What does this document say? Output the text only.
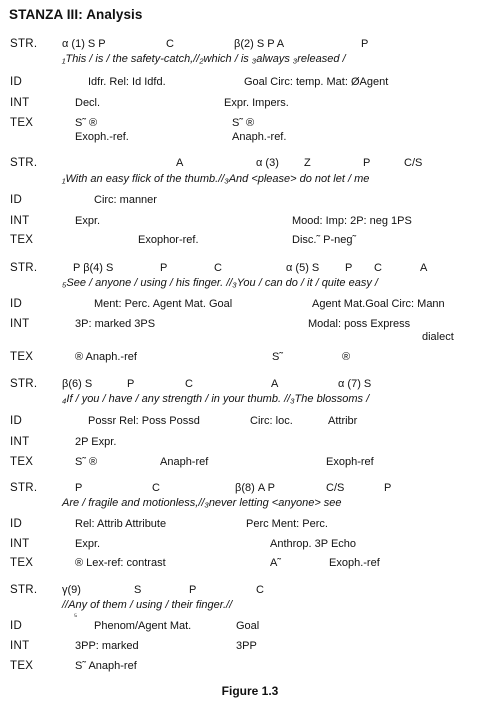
STANZA III: Analysis
STR. α (1) S P	C	β(2) S P A	P
₁This / is / the safety-catch,//₂which / is ₃always ₃released /
ID	Idfr. Rel: Id Idfd.	Goal Circ: temp. Mat: ØAgent
INT	Decl.	Expr. Impers.
TEX	S˜ ®	S˜ ®
Exoph.-ref.	Anaph.-ref.
STR.	A	α (3) Z	P	C/S
₁With an easy flick of the thumb.//₃And <please> do not let / me
ID	Circ: manner
INT	Expr.	Mood: Imp: 2P: neg 1PS
TEX	Exophor-ref.	Disc.˜ P-neg˜
STR.	P β(4) S	P	C	α (5) S P C	A
₅See / anyone / using / his finger. //₃You / can do / it / quite easy /
ID	Ment: Perc. Agent Mat. Goal	Agent Mat.Goal Circ: Mann
INT	3P: marked 3PS	Modal: poss Express
dialect
TEX	® Anaph.-ref	S˜	®
STR. β(6) S	P	C	A	α (7) S
₄If / you / have / any strength / in your thumb. //₃The blossoms /
ID	Possr Rel: Poss Possd	Circ: loc.	Attribr
INT	2P Expr.
TEX	S˜ ®	Anaph-ref	Exoph-ref
STR.	P	C	β(8) A P	C/S	P
Are / fragile and motionless,//₃never letting <anyone> see
ID	Rel: Attrib Attribute	Perc Ment: Perc.
INT	Expr.	Anthrop. 3P Echo
TEX	® Lex-ref: contrast	A˜	Exoph.-ref
STR. γ(9)	S	P	C
//Any of them / using / their finger.//
⁵
ID	Phenom/Agent Mat.	Goal
INT	3PP: marked	3PP
TEX	S˜ Anaph-ref
Figure 1.3
